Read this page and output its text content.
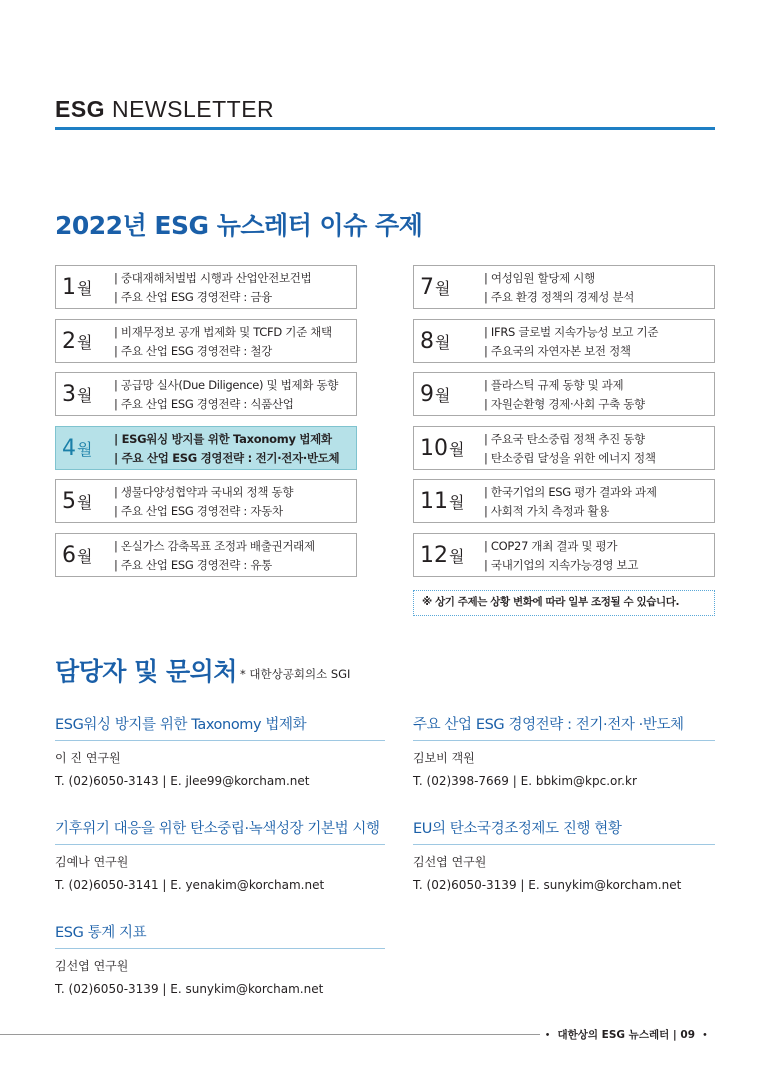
ESG NEWSLETTER
2022년 ESG 뉴스레터 이슈 주제
1월
| 중대재해처벌법 시행과 산업안전보건법
| 주요 산업 ESG 경영전략 : 금융
2월
| 비재무정보 공개 법제화 및 TCFD 기준 채택
| 주요 산업 ESG 경영전략 : 철강
3월
| 공급망 실사(Due Diligence) 및 법제화 동향
| 주요 산업 ESG 경영전략 : 식품산업
4월
| ESG워싱 방지를 위한 Taxonomy 법제화
| 주요 산업 ESG 경영전략 : 전기·전자·반도체
5월
| 생물다양성협약과 국내외 정책 동향
| 주요 산업 ESG 경영전략 : 자동차
6월
| 온실가스 감축목표 조정과 배출권거래제
| 주요 산업 ESG 경영전략 : 유통
7월
| 여성임원 할당제 시행
| 주요 환경 정책의 경제성 분석
8월
| IFRS 글로벌 지속가능성 보고 기준
| 주요국의 자연자본 보전 정책
9월
| 플라스틱 규제 동향 및 과제
| 자원순환형 경제·사회 구축 동향
10월
| 주요국 탄소중립 정책 추진 동향
| 탄소중립 달성을 위한 에너지 정책
11월
| 한국기업의 ESG 평가 결과와 과제
| 사회적 가치 측정과 활용
12월
| COP27 개최 결과 및 평가
| 국내기업의 지속가능경영 보고
※ 상기 주제는 상황 변화에 따라 일부 조정될 수 있습니다.
담당자 및 문의처 * 대한상공회의소 SGI
ESG워싱 방지를 위한 Taxonomy 법제화
이 진 연구원
T. (02)6050-3143 | E. jlee99@korcham.net
주요 산업 ESG 경영전략 : 전기·전자 ·반도체
김보비 객원
T. (02)398-7669 | E. bbkim@kpc.or.kr
기후위기 대응을 위한 탄소중립·녹색성장 기본법 시행
김예나 연구원
T. (02)6050-3141 | E. yenakim@korcham.net
EU의 탄소국경조정제도 진행 현황
김선엽 연구원
T. (02)6050-3139 | E. sunykim@korcham.net
ESG 통계 지표
김선엽 연구원
T. (02)6050-3139 | E. sunykim@korcham.net
• 대한상의 ESG 뉴스레터 | 09 •
